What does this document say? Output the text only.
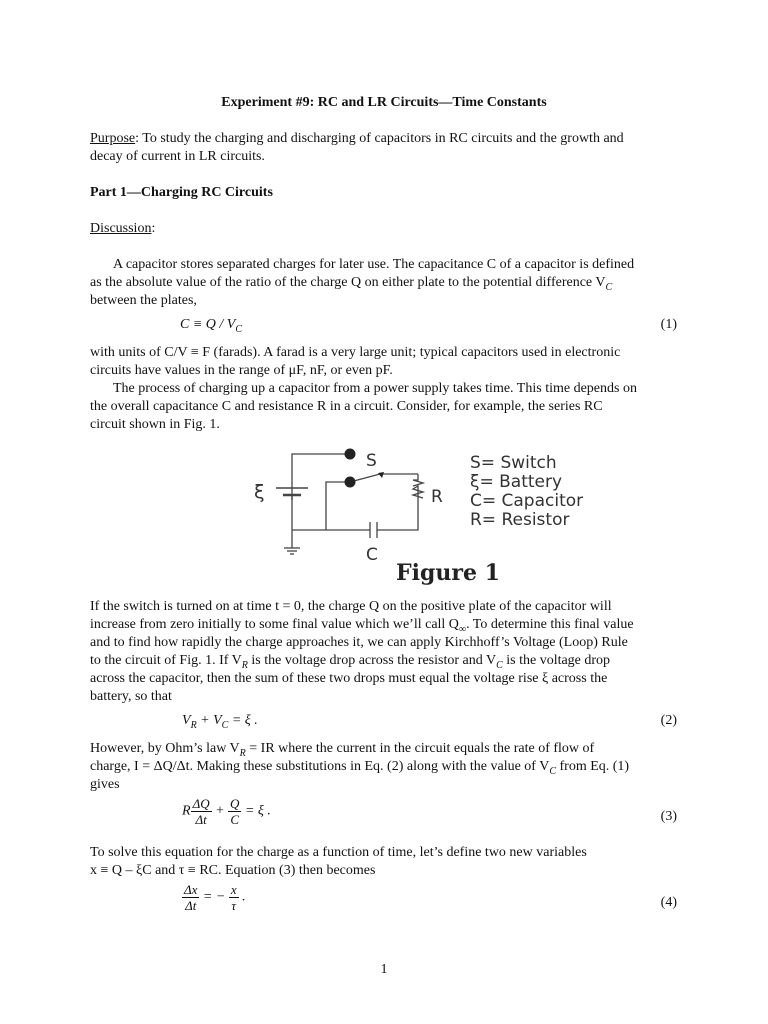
Experiment #9: RC and LR Circuits—Time Constants
Purpose: To study the charging and discharging of capacitors in RC circuits and the growth and
decay of current in LR circuits.
Part 1—Charging RC Circuits
Discussion:
A capacitor stores separated charges for later use. The capacitance C of a capacitor is defined
as the absolute value of the ratio of the charge Q on either plate to the potential difference $V_C$
between the plates,
$C \equiv Q / V_C$	(1)
with units of C/V ≡ F (farads). A farad is a very large unit; typical capacitors used in electronic
circuits have values in the range of μF, nF, or even pF.
The process of charging up a capacitor from a power supply takes time. This time depends on
the overall capacitance C and resistance R in a circuit. Consider, for example, the series RC
circuit shown in Fig. 1.
S
ξ	R
C
S= Switch
ξ= Battery
C= Capacitor
R= Resistor
Figure 1
If the switch is turned on at time t = 0, the charge Q on the positive plate of the capacitor will
increase from zero initially to some final value which we’ll call $Q_\infty$. To determine this final value
and to find how rapidly the charge approaches it, we can apply Kirchhoff’s Voltage (Loop) Rule
to the circuit of Fig. 1. If $V_R$ is the voltage drop across the resistor and $V_C$ is the voltage drop
across the capacitor, then the sum of these two drops must equal the voltage rise ξ across the
battery, so that
$V_R + V_C = \xi$ .	(2)
However, by Ohm’s law $V_R$ = IR where the current in the circuit equals the rate of flow of
charge, I = ΔQ/Δt. Making these substitutions in Eq. (2) along with the value of $V_C$ from Eq. (1)
gives
R $\frac{\Delta Q}{\Delta t} + \frac{Q}{C} = \xi$ .	(3)
To solve this equation for the charge as a function of time, let’s define two new variables
x ≡ Q – ξC and τ ≡ RC. Equation (3) then becomes
$\frac{\Delta x}{\Delta t}$ = − $\frac{x}{\tau}$ .	(4)
1
